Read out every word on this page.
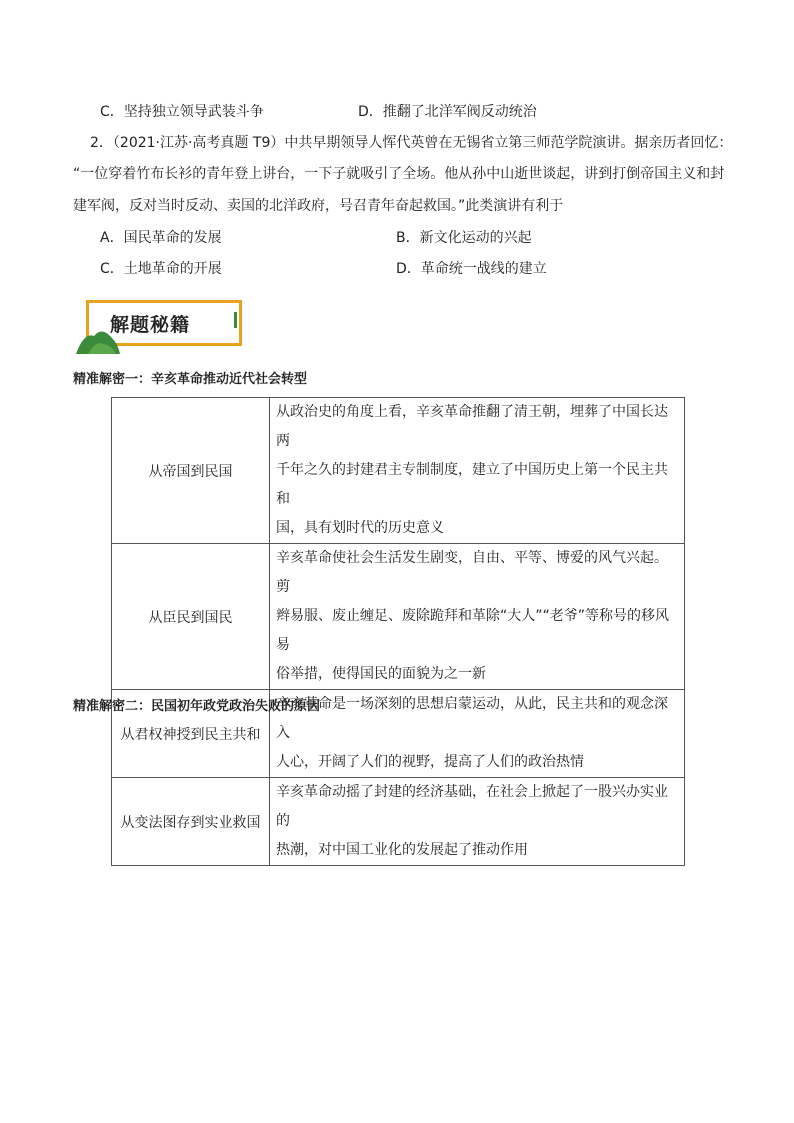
C．坚持独立领导武装斗争	D．推翻了北洋军阀反动统治
2．（2021·江苏·高考真题 T9）中共早期领导人恽代英曾在无锡省立第三师范学院演讲。据亲历者回忆：
“一位穿着竹布长衫的青年登上讲台，一下子就吸引了全场。他从孙中山逝世谈起，讲到打倒帝国主义和封
建军阀，反对当时反动、卖国的北洋政府，号召青年奋起救国。”此类演讲有利于
A．国民革命的发展	B．新文化运动的兴起
C．土地革命的开展	D．革命统一战线的建立
解题秘籍
精准解密一：辛亥革命推动近代社会转型
从帝国到民国	从政治史的角度上看，辛亥革命推翻了清王朝，埋葬了中国长达两
千年之久的封建君主专制制度，建立了中国历史上第一个民主共和
国，具有划时代的历史意义

从臣民到国民	辛亥革命使社会生活发生剧变，自由、平等、博爱的风气兴起。剪
辫易服、废止缠足、废除跪拜和革除“大人”“老爷”等称号的移风易
俗举措，使得国民的面貌为之一新

从君权神授到民主共和	辛亥革命是一场深刻的思想启蒙运动，从此，民主共和的观念深入
人心，开阔了人们的视野，提高了人们的政治热情

从变法图存到实业救国	辛亥革命动摇了封建的经济基础，在社会上掀起了一股兴办实业的
热潮，对中国工业化的发展起了推动作用
精准解密二：民国初年政党政治失败的原因
